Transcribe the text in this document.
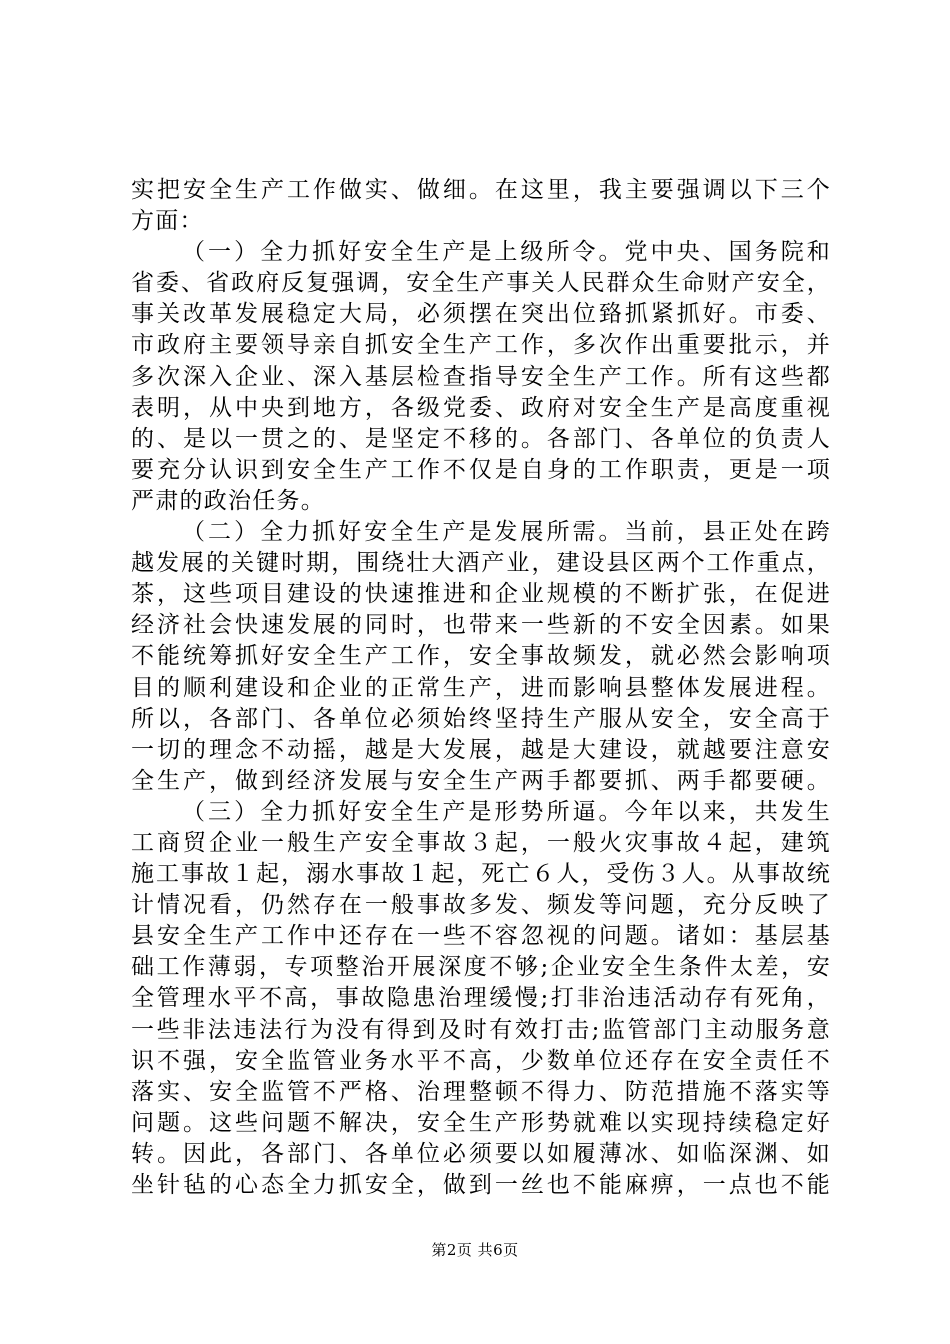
实把安全生产工作做实、做细。在这里，我主要强调以下三个
方面：
（一）全力抓好安全生产是上级所令。党中央、国务院和
省委、省政府反复强调，安全生产事关人民群众生命财产安全，
事关改革发展稳定大局，必须摆在突出位臵抓紧抓好。市委、
市政府主要领导亲自抓安全生产工作，多次作出重要批示，并
多次深入企业、深入基层检查指导安全生产工作。所有这些都
表明，从中央到地方，各级党委、政府对安全生产是高度重视
的、是以一贯之的、是坚定不移的。各部门、各单位的负责人
要充分认识到安全生产工作不仅是自身的工作职责，更是一项
严肃的政治任务。
（二）全力抓好安全生产是发展所需。当前，县正处在跨
越发展的关键时期，围绕壮大酒产业，建设县区两个工作重点，
茶，这些项目建设的快速推进和企业规模的不断扩张，在促进
经济社会快速发展的同时，也带来一些新的不安全因素。如果
不能统筹抓好安全生产工作，安全事故频发，就必然会影响项
目的顺利建设和企业的正常生产，进而影响县整体发展进程。
所以，各部门、各单位必须始终坚持生产服从安全，安全高于
一切的理念不动摇，越是大发展，越是大建设，就越要注意安
全生产，做到经济发展与安全生产两手都要抓、两手都要硬。
（三）全力抓好安全生产是形势所逼。今年以来，共发生
工商贸企业一般生产安全事故３起，一般火灾事故４起，建筑
施工事故１起，溺水事故１起，死亡６人，受伤３人。从事故统
计情况看，仍然存在一般事故多发、频发等问题，充分反映了
县安全生产工作中还存在一些不容忽视的问题。诸如：基层基
础工作薄弱，专项整治开展深度不够;企业安全生条件太差，安
全管理水平不高，事故隐患治理缓慢;打非治违活动存有死角，
一些非法违法行为没有得到及时有效打击;监管部门主动服务意
识不强，安全监管业务水平不高，少数单位还存在安全责任不
落实、安全监管不严格、治理整顿不得力、防范措施不落实等
问题。这些问题不解决，安全生产形势就难以实现持续稳定好
转。因此，各部门、各单位必须要以如履薄冰、如临深渊、如
坐针毡的心态全力抓安全，做到一丝也不能麻痹，一点也不能
第2页 共6页
